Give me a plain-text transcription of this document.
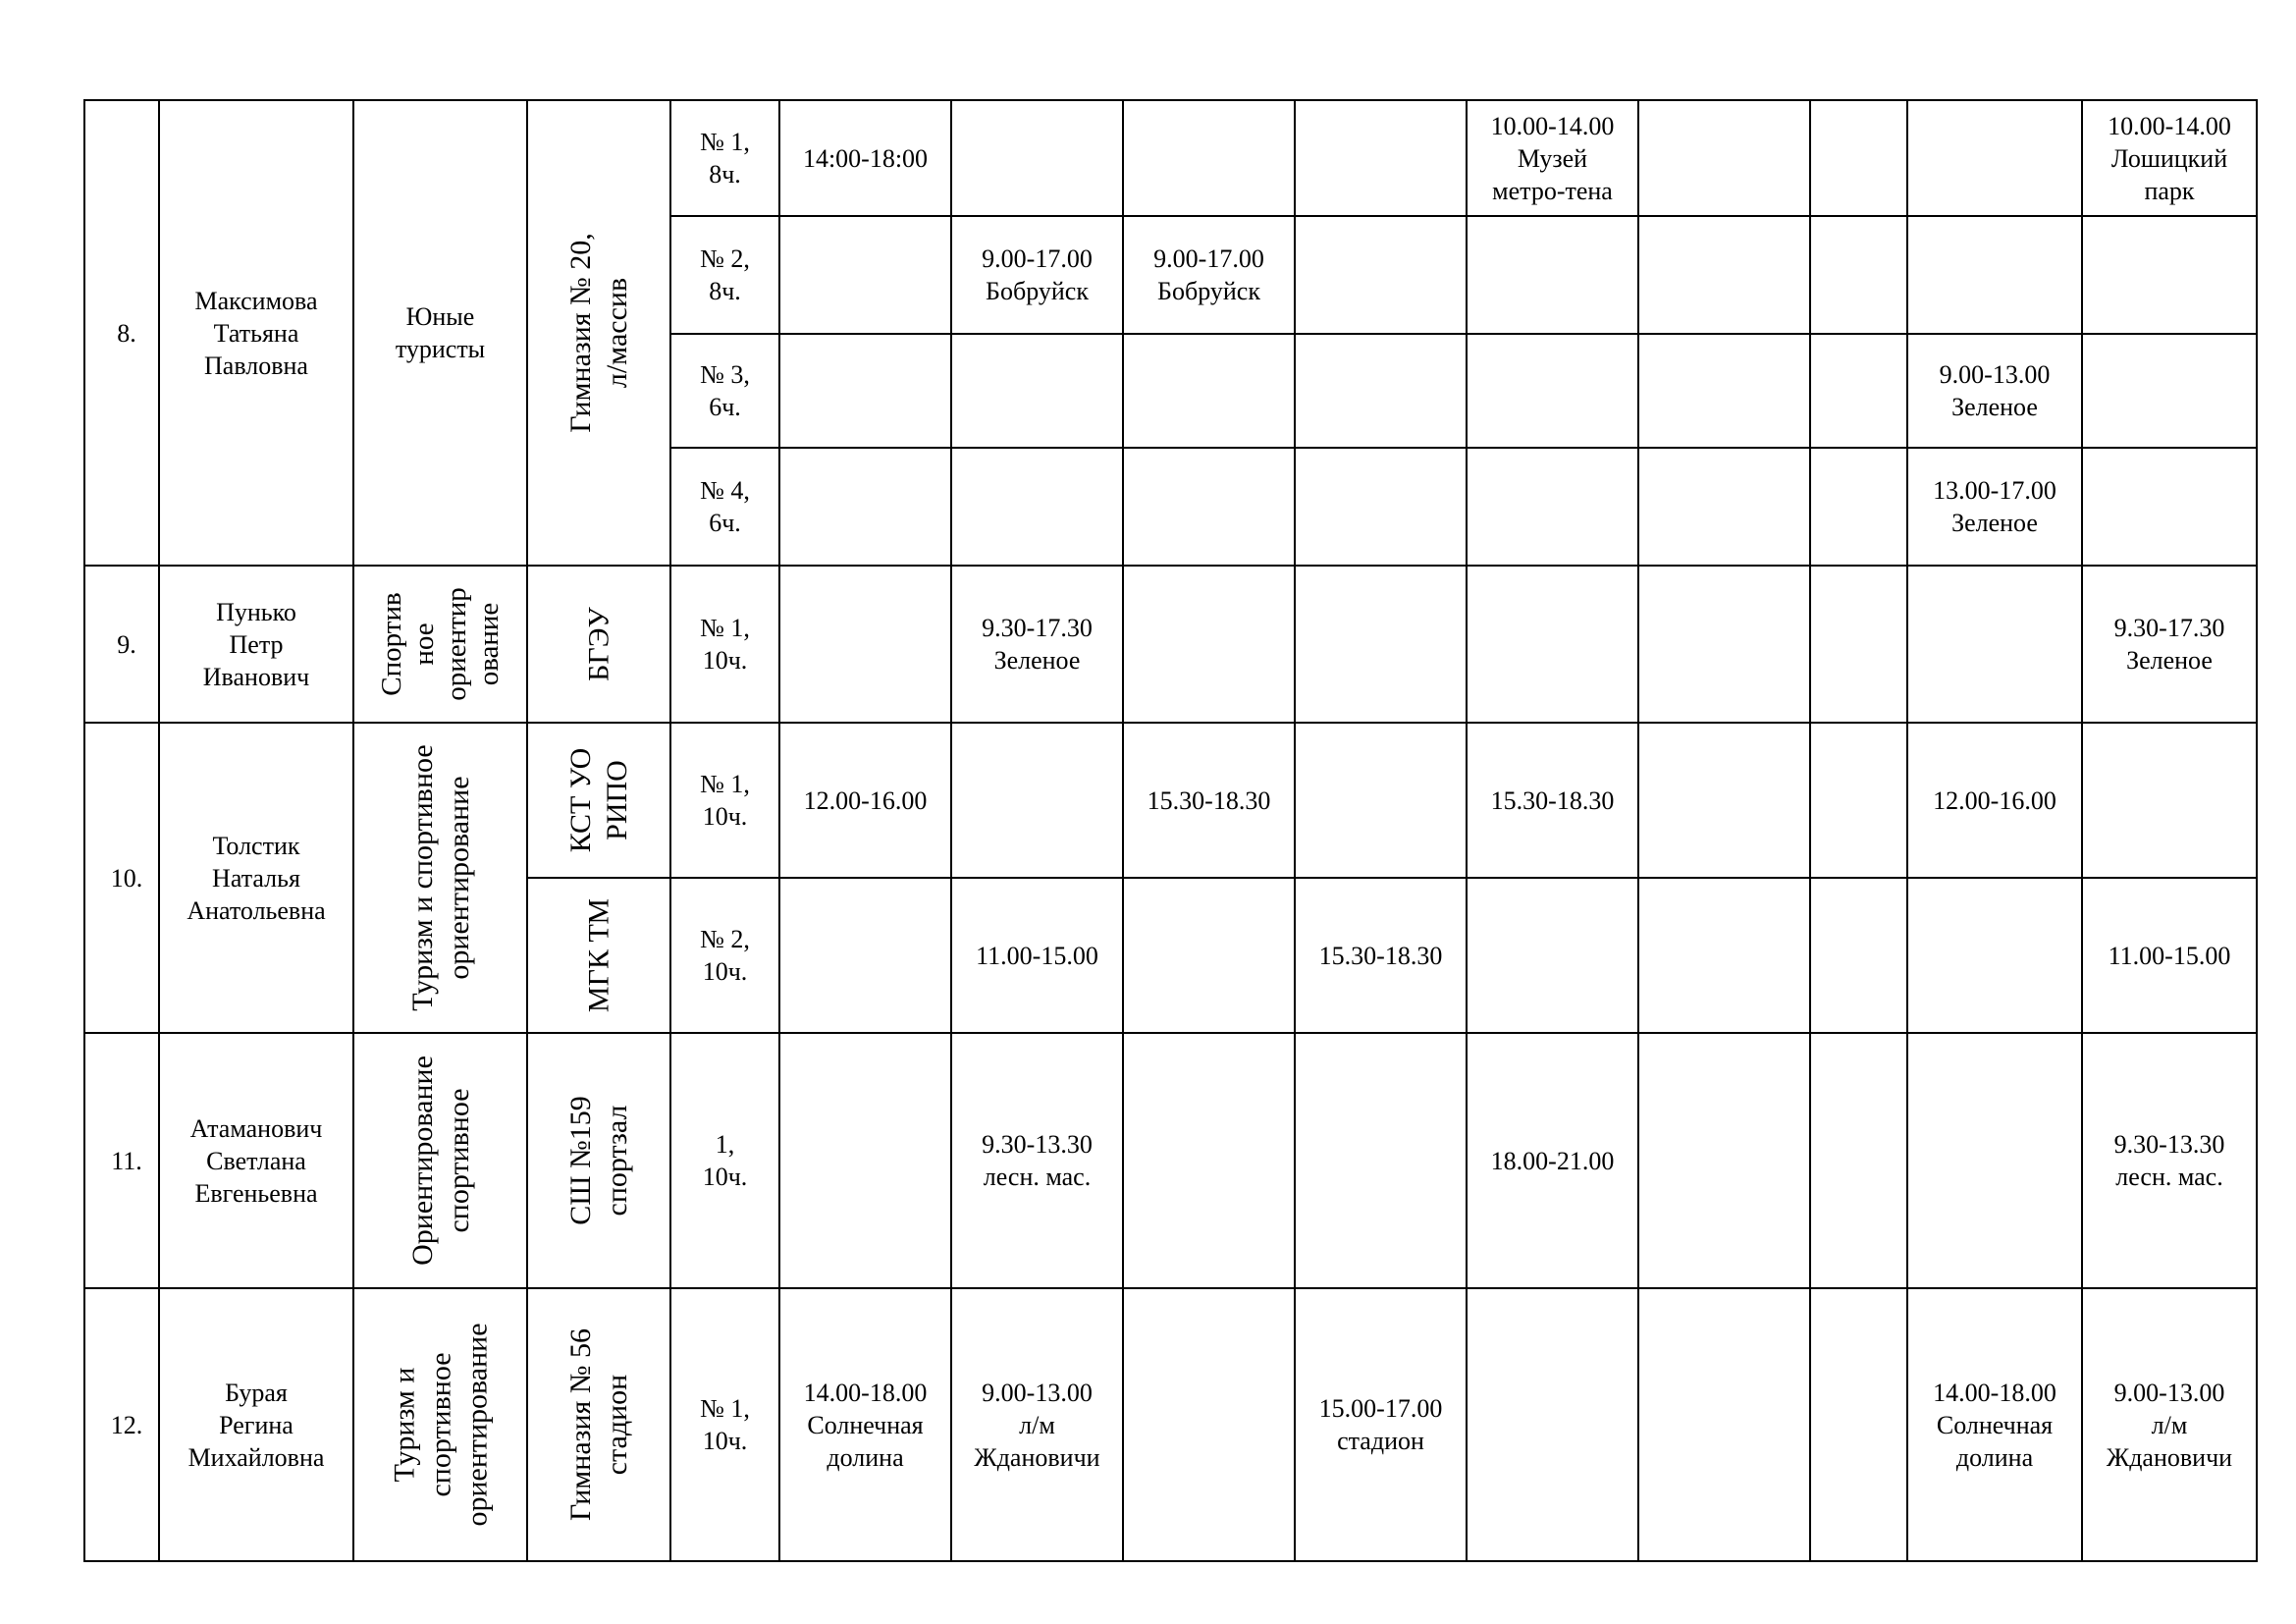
8.	Максимова
Татьяна
Павловна	Юные
туристы	Гимназия № 20, л/массив	№ 1,
8ч.	14:00-18:00				10.00-14.00
Музей
метро-тена				10.00-14.00
Лошицкий
парк

				№ 2,
8ч.		9.00-17.00
Бобруйск	9.00-17.00
Бобруйск						

				№ 3,
6ч.								9.00-13.00
Зеленое	

				№ 4,
6ч.								13.00-17.00
Зеленое	

9.	Пунько
Петр
Иванович	Спортив ное ориентир ование	БГЭУ	№ 1,
10ч.		9.30-17.30
Зеленое							9.30-17.30
Зеленое

10.	Толстик
Наталья
Анатольевна	Туризм и спортивное ориентирование	КСТ УО РИПО	№ 1,
10ч.	12.00-16.00		15.30-18.30		15.30-18.30			12.00-16.00	

			МГК ТМ	№ 2,
10ч.		11.00-15.00		15.30-18.30					11.00-15.00

11.	Атаманович
Светлана
Евгеньевна	Ориентирование спортивное	СШ №159 спортзал	1,
10ч.		9.30-13.30
лесн. мас.			18.00-21.00				9.30-13.30
лесн. мас.

12.	Бурая
Регина
Михайловна	Туризм и спортивное ориентирование	Гимназия № 56 стадион	№ 1,
10ч.	14.00-18.00
Солнечная
долина	9.00-13.00
л/м
Ждановичи		15.00-17.00
стадион				14.00-18.00
Солнечная
долина	9.00-13.00
л/м
Ждановичи
